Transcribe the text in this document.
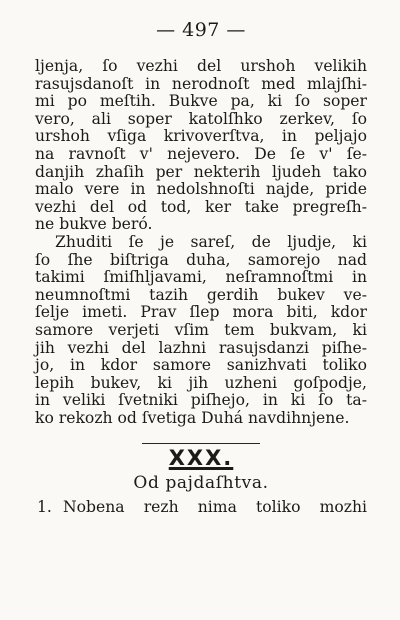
— 497 —
ljenja, ſo vezhi del urshoh velikih
rasujsdanoſt in nerodnoſt med mlajſhi-
mi po meſtih. Bukve pa, ki ſo soper
vero, ali soper katolſhko zerkev, ſo
urshoh vſiga krivoverſtva, in peljajo
na ravnoſt v' nejevero. De ſe v' ſe-
danjih zhaſih per nekterih ljudeh tako
malo vere in nedolshnoſti najde, pride
vezhi del od tod, ker take pregreſh-
ne bukve beró.
Zhuditi ſe je sareſ, de ljudje, ki
ſo ſhe biſtriga duha, samorejo nad
takimi ſmiſhljavami, neſramnoſtmi in
neumnoſtmi tazih gerdih bukev ve-
ſelje imeti. Prav ſlep mora biti, kdor
samore verjeti vſim tem bukvam, ki
jih vezhi del lazhni rasujsdanzi piſhe-
jo, in kdor samore sanizhvati toliko
lepih bukev, ki jih uzheni goſpodje,
in veliki ſvetniki piſhejo, in ki ſo ta-
ko rekozh od ſvetiga Duhá navdihnjene.
XXX.
Od pajdaſhtva.
1. Nobena rezh nima toliko mozhi
